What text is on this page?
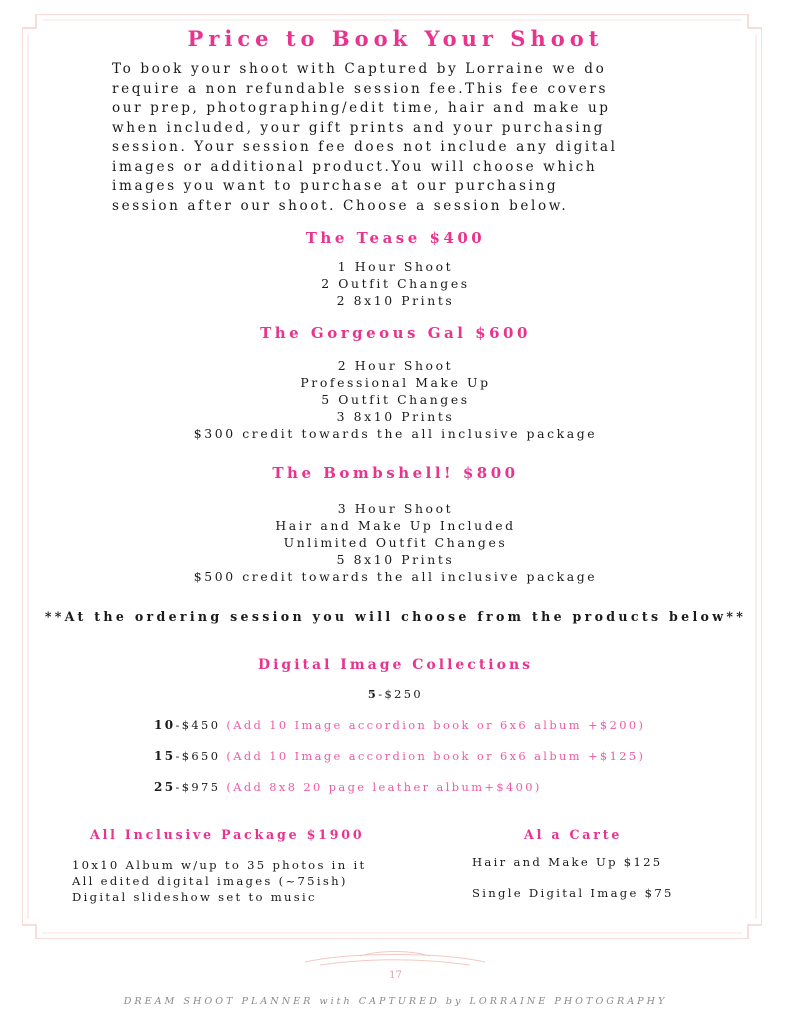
Price to Book Your Shoot

To book your shoot with Captured by Lorraine we do
require a non refundable session fee.This fee covers
our prep, photographing/edit time, hair and make up
when included, your gift prints and your purchasing
session. Your session fee does not include any digital
images or additional product.You will choose which
images you want to purchase at our purchasing
session after our shoot. Choose a session below.

The Tease $400
1 Hour Shoot
2 Outfit Changes
2 8x10 Prints
The Gorgeous Gal $600
2 Hour Shoot
Professional Make Up
5 Outfit Changes
3 8x10 Prints
$300 credit towards the all inclusive package
The Bombshell! $800
3 Hour Shoot
Hair and Make Up Included
Unlimited Outfit Changes
5 8x10 Prints
$500 credit towards the all inclusive package
**At the ordering session you will choose from the products below**
Digital Image Collections
5-$250
10-$450 (Add 10 Image accordion book or 6x6 album +$200)
15-$650 (Add 10 Image accordion book or 6x6 album +$125)
25-$975 (Add 8x8 20 page leather album+$400)
All Inclusive Package $1900
10x10 Album w/up to 35 photos in it
All edited digital images (~75ish)
Digital slideshow set to music
Al a Carte
Hair and Make Up $125
Single Digital Image $75
17
DREAM SHOOT PLANNER with CAPTURED by LORRAINE PHOTOGRAPHY
